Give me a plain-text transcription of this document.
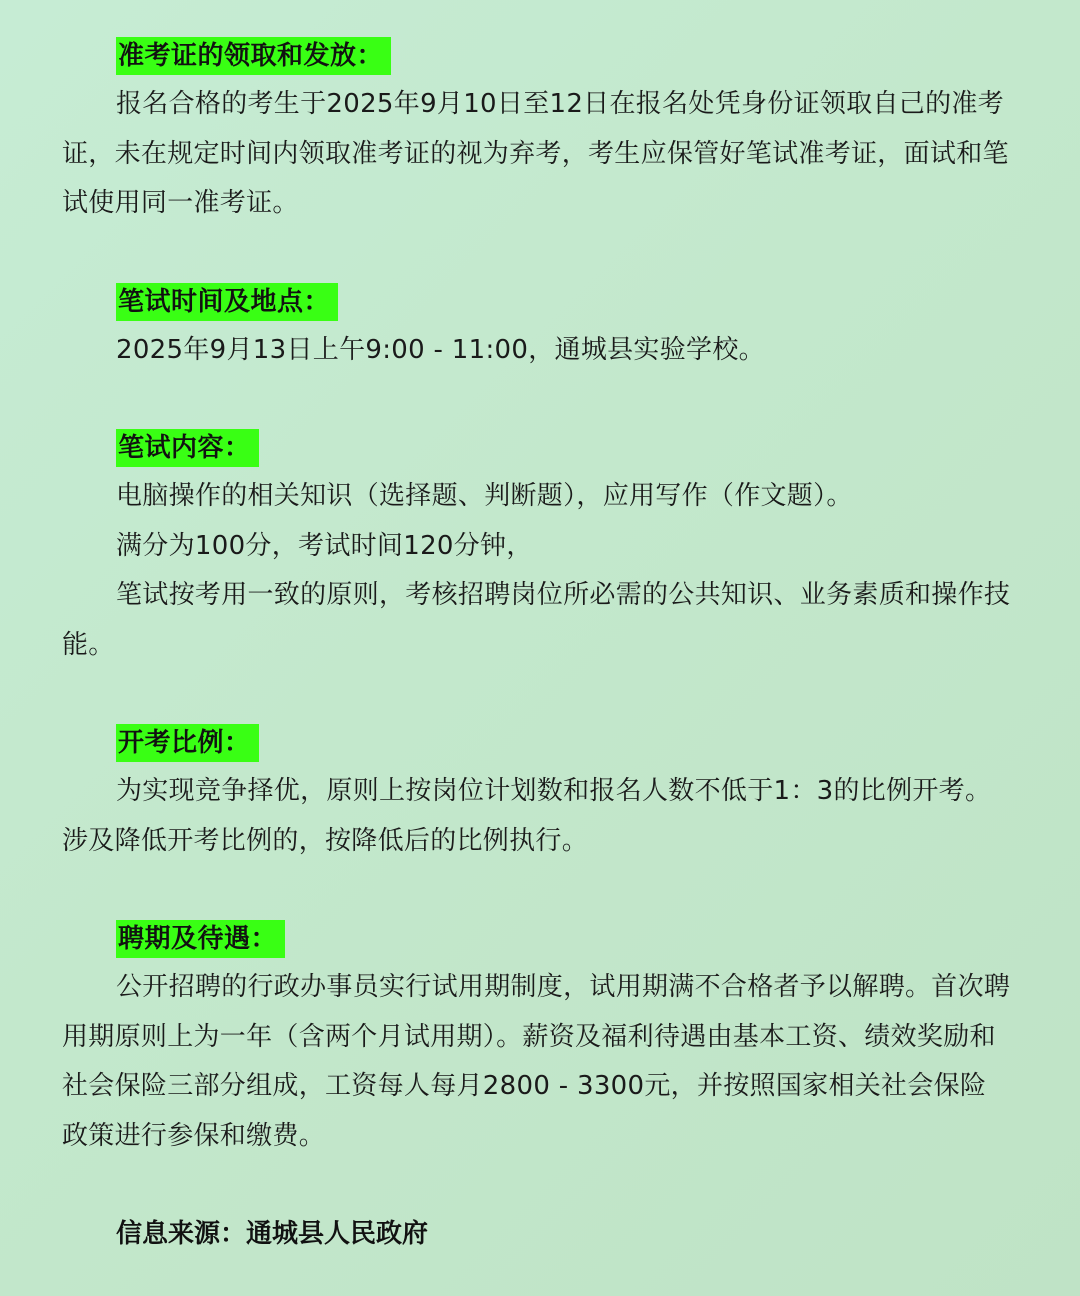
准考证的领取和发放：

报名合格的考生于2025年9月10日至12日在报名处凭身份证领取自己的准考证，未在规定时间内领取准考证的视为弃考，考生应保管好笔试准考证，面试和笔试使用同一准考证。

笔试时间及地点：

2025年9月13日上午9:00 - 11:00，通城县实验学校。

笔试内容：

电脑操作的相关知识（选择题、判断题），应用写作（作文题）。

满分为100分，考试时间120分钟，

笔试按考用一致的原则，考核招聘岗位所必需的公共知识、业务素质和操作技能。

开考比例：

为实现竞争择优，原则上按岗位计划数和报名人数不低于1：3的比例开考。涉及降低开考比例的，按降低后的比例执行。

聘期及待遇：

公开招聘的行政办事员实行试用期制度，试用期满不合格者予以解聘。首次聘用期原则上为一年（含两个月试用期）。薪资及福利待遇由基本工资、绩效奖励和社会保险三部分组成，工资每人每月2800 - 3300元，并按照国家相关社会保险政策进行参保和缴费。

信息来源：通城县人民政府
